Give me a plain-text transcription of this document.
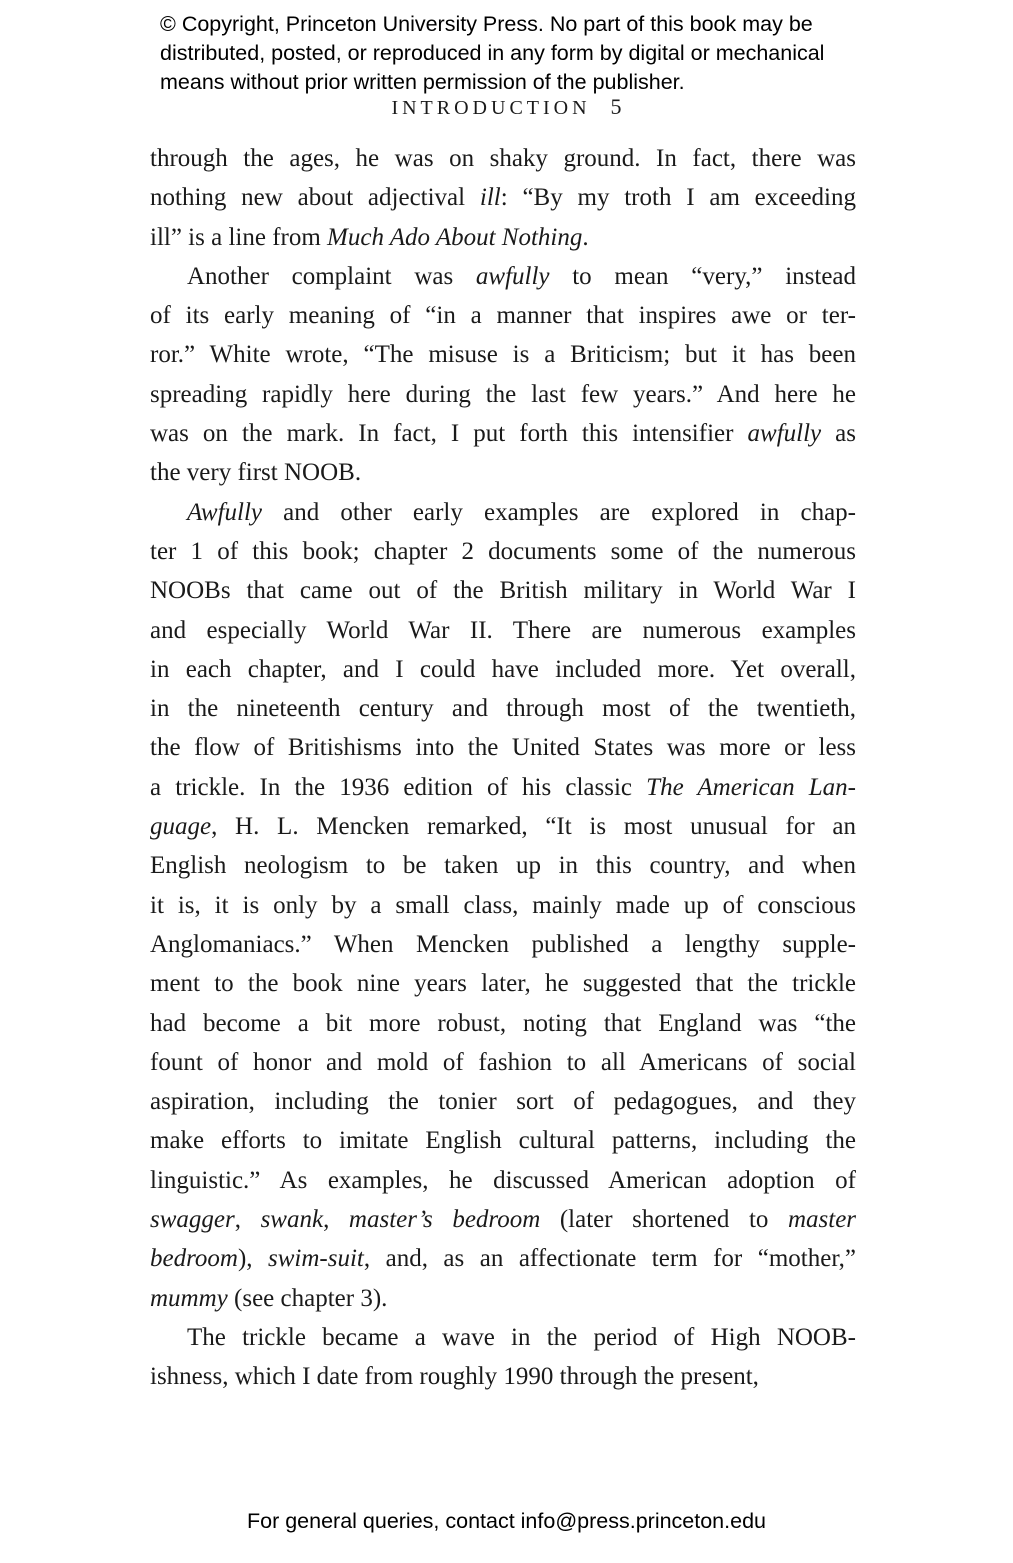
© Copyright, Princeton University Press. No part of this book may be
distributed, posted, or reproduced in any form by digital or mechanical
means without prior written permission of the publisher.
INTRODUCTION 5
through the ages, he was on shaky ground. In fact, there was
nothing new about adjectival ill: “By my troth I am exceeding
ill” is a line from Much Ado About Nothing.
Another complaint was awfully to mean “very,” instead
of its early meaning of “in a manner that inspires awe or ter-
ror.” White wrote, “The misuse is a Briticism; but it has been
spreading rapidly here during the last few years.” And here he
was on the mark. In fact, I put forth this intensifier awfully as
the very first NOOB.
Awfully and other early examples are explored in chap-
ter 1 of this book; chapter 2 documents some of the numerous
NOOBs that came out of the British military in World War I
and especially World War II. There are numerous examples
in each chapter, and I could have included more. Yet overall,
in the nineteenth century and through most of the twentieth,
the flow of Britishisms into the United States was more or less
a trickle. In the 1936 edition of his classic The American Lan-
guage, H. L. Mencken remarked, “It is most unusual for an
English neologism to be taken up in this country, and when
it is, it is only by a small class, mainly made up of conscious
Anglomaniacs.” When Mencken published a lengthy supple-
ment to the book nine years later, he suggested that the trickle
had become a bit more robust, noting that England was “the
fount of honor and mold of fashion to all Americans of social
aspiration, including the tonier sort of pedagogues, and they
make efforts to imitate English cultural patterns, including the
linguistic.” As examples, he discussed American adoption of
swagger, swank, master’s bedroom (later shortened to master
bedroom), swim-suit, and, as an affectionate term for “mother,”
mummy (see chapter 3).
The trickle became a wave in the period of High NOOB-
ishness, which I date from roughly 1990 through the present,
For general queries, contact info@press.princeton.edu
